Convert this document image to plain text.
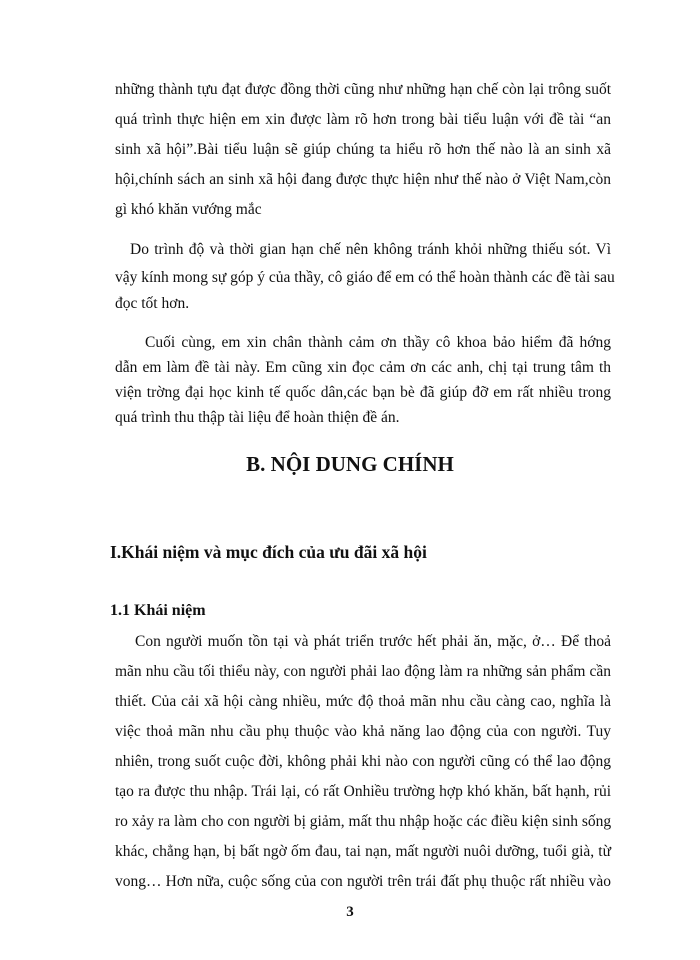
những thành tựu đạt được đồng thời cũng như những hạn chế còn lại trông suốt
quá trình thực hiện em xin được làm rõ hơn trong bài tiểu luận với đề tài “an
sinh xã hội”.Bài tiểu luận sẽ giúp chúng ta hiểu rõ hơn thế nào là an sinh xã
hội,chính sách an sinh xã hội đang được thực hiện như thế nào ở Việt Nam,còn
gì khó khăn vướng mắc
Do trình độ và thời gian hạn chế nên không tránh khỏi những thiếu sót. Vì
vậy kính mong sự góp ý của thầy, cô giáo để em có thể hoàn thành các đề tài sau
đọc tốt hơn.
Cuối cùng, em xin chân thành cảm ơn thầy cô khoa bảo hiểm đã hớng
dẫn em làm đề tài này. Em cũng xin đọc cảm ơn các anh, chị tại trung tâm th
viện trờng đại học kinh tế quốc dân,các bạn bè đã giúp đỡ em rất nhiều trong
quá trình thu thập tài liệu để hoàn thiện đề án.
B. NỘI DUNG CHÍNH
I.Khái niệm và mục đích của ưu đãi xã hội
1.1 Khái niệm
Con người muốn tồn tại và phát triển trước hết phải ăn, mặc, ở… Để thoả
mãn nhu cầu tối thiểu này, con người phải lao động làm ra những sản phẩm cần
thiết. Của cải xã hội càng nhiều, mức độ thoả mãn nhu cầu càng cao, nghĩa là
việc thoả mãn nhu cầu phụ thuộc vào khả năng lao động của con người. Tuy
nhiên, trong suốt cuộc đời, không phải khi nào con người cũng có thể lao động
tạo ra được thu nhập. Trái lại, có rất Onhiều trường hợp khó khăn, bất hạnh, rủi
ro xảy ra làm cho con người bị giảm, mất thu nhập hoặc các điều kiện sinh sống
khác, chẳng hạn, bị bất ngờ ốm đau, tai nạn, mất người nuôi dưỡng, tuổi già, từ
vong… Hơn nữa, cuộc sống của con người trên trái đất phụ thuộc rất nhiều vào
3
